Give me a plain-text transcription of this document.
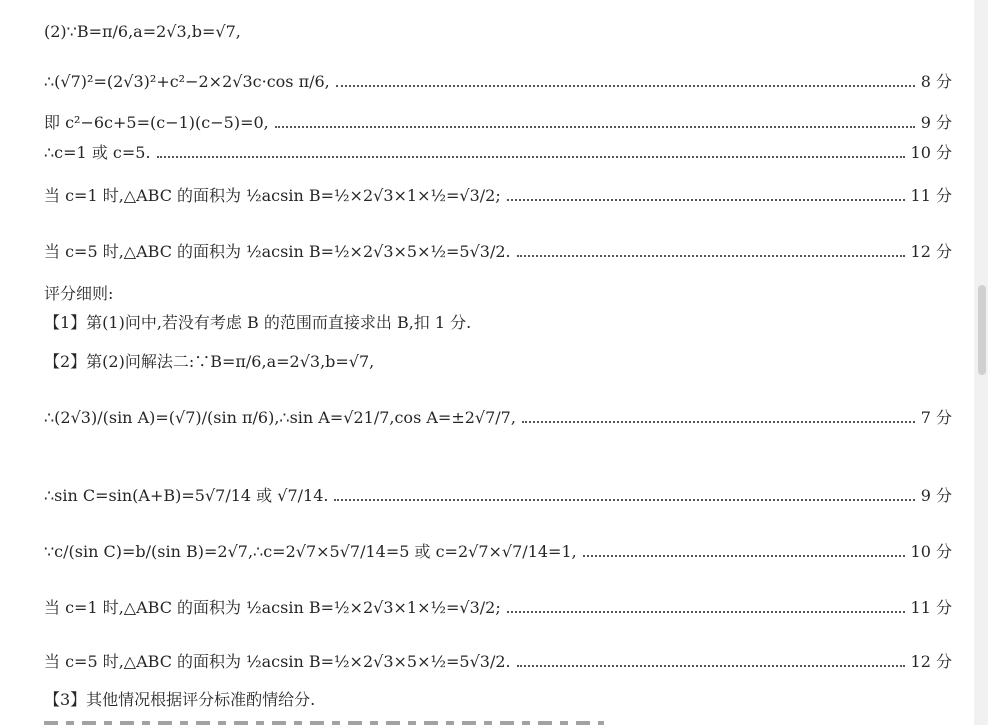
(2)∵B=π/6,a=2√3,b=√7,
∴(√7)²=(2√3)²+c²−2×2√3c·cos π/6,	8 分
即 c²−6c+5=(c−1)(c−5)=0,	9 分
∴c=1 或 c=5.	10 分
当 c=1 时,△ABC 的面积为 ½acsin B=½×2√3×1×½=√3/2;	11 分
当 c=5 时,△ABC 的面积为 ½acsin B=½×2√3×5×½=5√3/2.	12 分
评分细则:
【1】第(1)问中,若没有考虑 B 的范围而直接求出 B,扣 1 分.
【2】第(2)问解法二:∵B=π/6,a=2√3,b=√7,
∴(2√3)/(sin A)=(√7)/(sin π/6),∴sin A=√21/7,cos A=±2√7/7,	7 分
∴sin C=sin(A+B)=5√7/14 或 √7/14.	9 分
∵c/(sin C)=b/(sin B)=2√7,∴c=2√7×5√7/14=5 或 c=2√7×√7/14=1,	10 分
当 c=1 时,△ABC 的面积为 ½acsin B=½×2√3×1×½=√3/2;	11 分
当 c=5 时,△ABC 的面积为 ½acsin B=½×2√3×5×½=5√3/2.	12 分
【3】其他情况根据评分标准酌情给分.
